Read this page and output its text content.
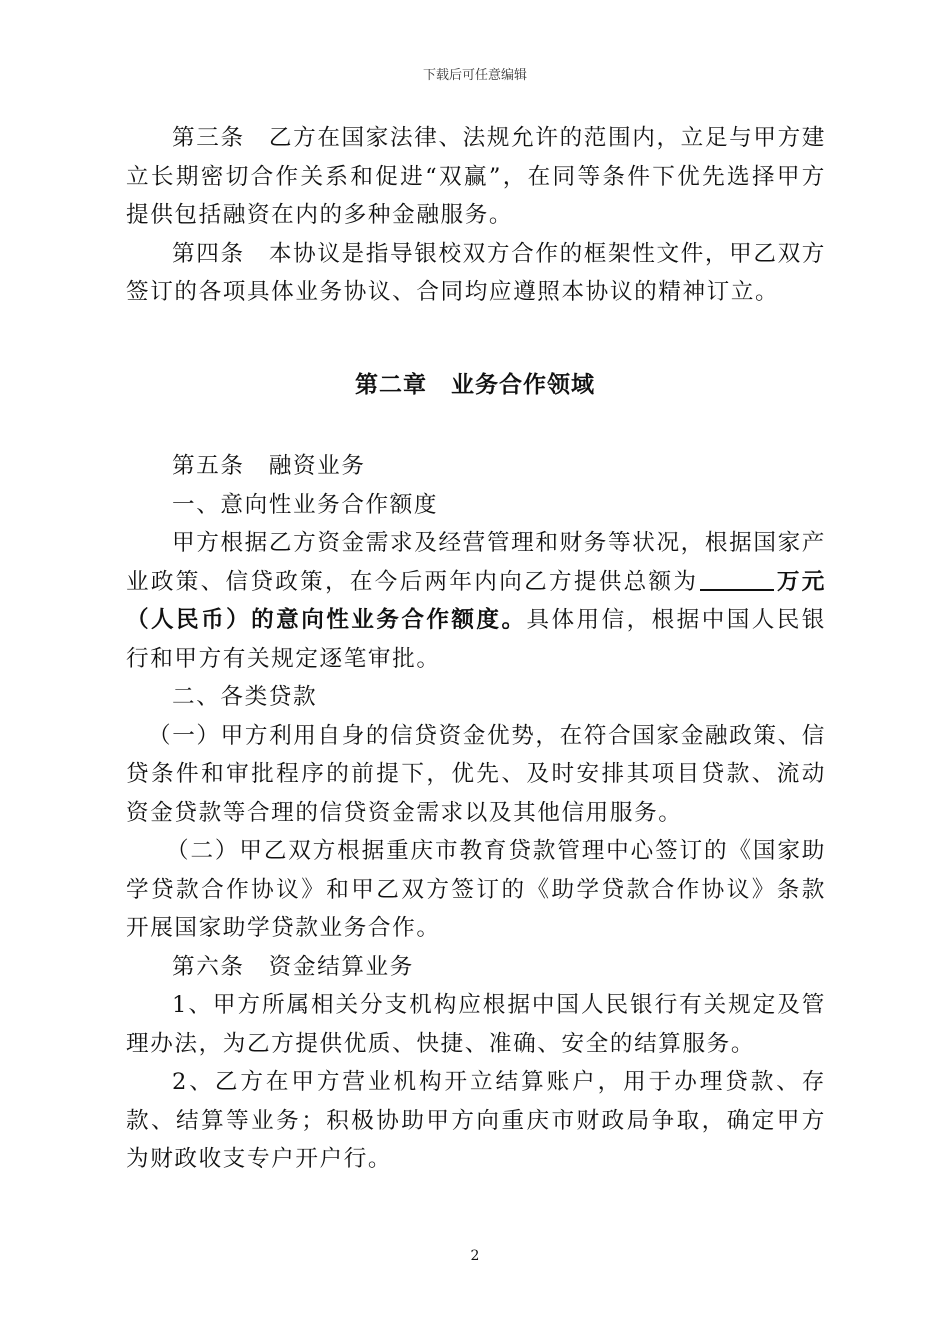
下载后可任意编辑

第三条　乙方在国家法律、法规允许的范围内，立足与甲方建立长期密切合作关系和促进“双赢”，在同等条件下优先选择甲方提供包括融资在内的多种金融服务。

第四条　本协议是指导银校双方合作的框架性文件，甲乙双方签订的各项具体业务协议、合同均应遵照本协议的精神订立。

第二章　业务合作领域

第五条　融资业务

一、意向性业务合作额度

甲方根据乙方资金需求及经营管理和财务等状况，根据国家产业政策、信贷政策，在今后两年内向乙方提供总额为	万元（人民币）的意向性业务合作额度。具体用信，根据中国人民银行和甲方有关规定逐笔审批。

二、各类贷款

（一）甲方利用自身的信贷资金优势，在符合国家金融政策、信贷条件和审批程序的前提下，优先、及时安排其项目贷款、流动资金贷款等合理的信贷资金需求以及其他信用服务。

（二）甲乙双方根据重庆市教育贷款管理中心签订的《国家助学贷款合作协议》和甲乙双方签订的《助学贷款合作协议》条款开展国家助学贷款业务合作。

第六条　资金结算业务

1、甲方所属相关分支机构应根据中国人民银行有关规定及管理办法，为乙方提供优质、快捷、准确、安全的结算服务。

2、乙方在甲方营业机构开立结算账户，用于办理贷款、存款、结算等业务；积极协助甲方向重庆市财政局争取，确定甲方为财政收支专户开户行。

2
